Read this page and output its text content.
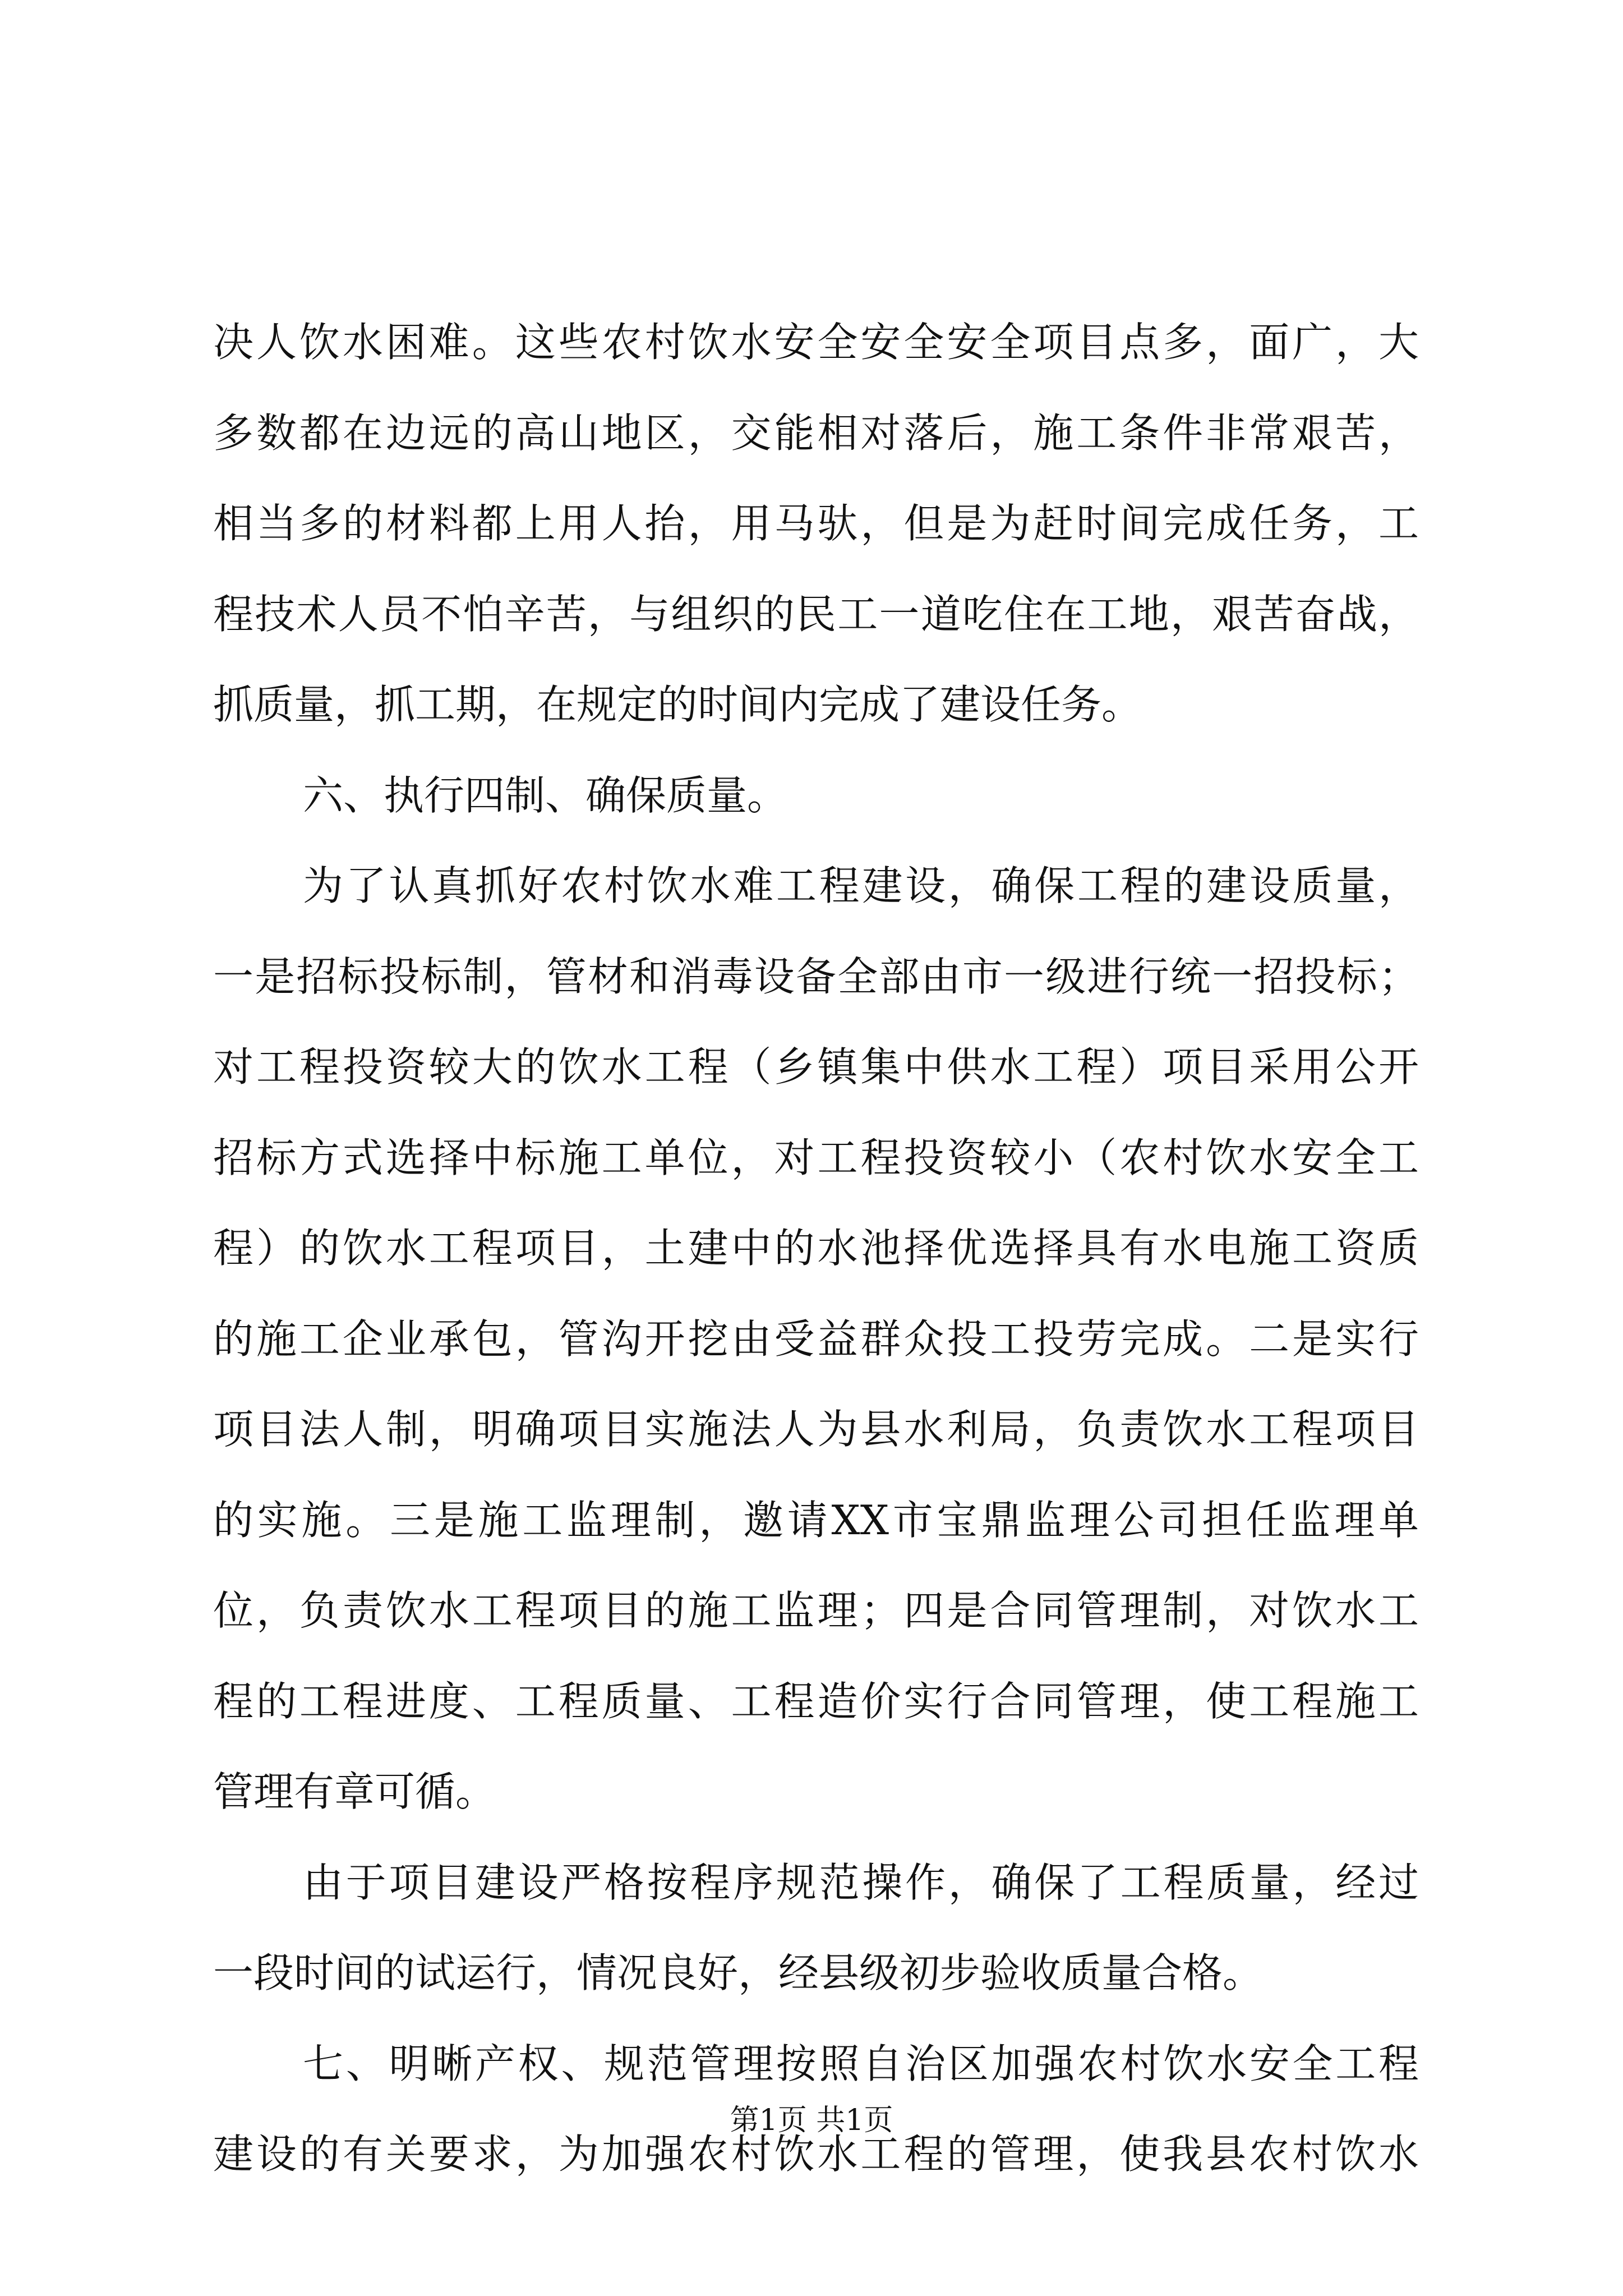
决人饮水困难。这些农村饮水安全安全安全项目点多，面广，大
多数都在边远的高山地区，交能相对落后，施工条件非常艰苦，
相当多的材料都上用人抬，用马驮，但是为赶时间完成任务，工
程技术人员不怕辛苦，与组织的民工一道吃住在工地，艰苦奋战，
抓质量，抓工期，在规定的时间内完成了建设任务。
六、执行四制、确保质量。
为了认真抓好农村饮水难工程建设，确保工程的建设质量，
一是招标投标制，管材和消毒设备全部由市一级进行统一招投标；
对工程投资较大的饮水工程（乡镇集中供水工程）项目采用公开
招标方式选择中标施工单位，对工程投资较小（农村饮水安全工
程）的饮水工程项目，土建中的水池择优选择具有水电施工资质
的施工企业承包，管沟开挖由受益群众投工投劳完成。二是实行
项目法人制，明确项目实施法人为县水利局，负责饮水工程项目
的实施。三是施工监理制，邀请XX市宝鼎监理公司担任监理单
位，负责饮水工程项目的施工监理；四是合同管理制，对饮水工
程的工程进度、工程质量、工程造价实行合同管理，使工程施工
管理有章可循。
由于项目建设严格按程序规范操作，确保了工程质量，经过
一段时间的试运行，情况良好，经县级初步验收质量合格。
七、明晰产权、规范管理按照自治区加强农村饮水安全工程
建设的有关要求，为加强农村饮水工程的管理，使我县农村饮水
第1页 共1页
